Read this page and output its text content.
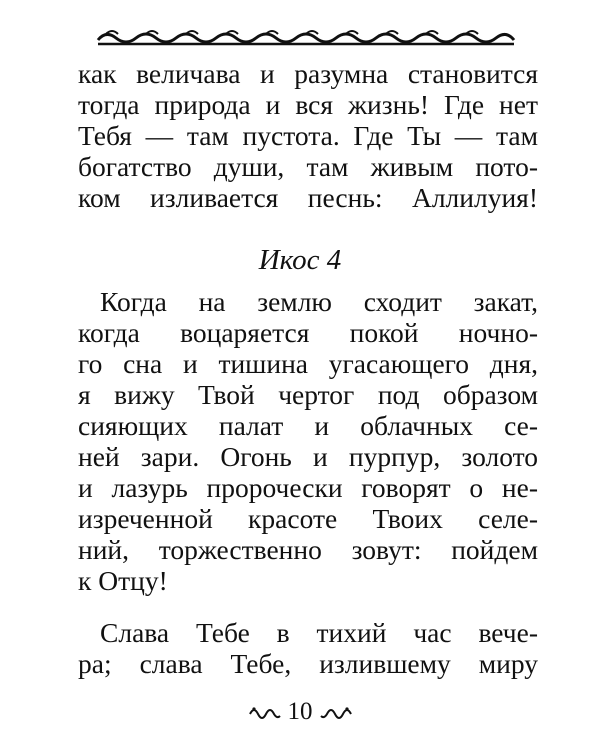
как величава и разумна становится
тогда природа и вся жизнь! Где нет
Тебя — там пустота. Где Ты — там
богатство души, там живым пото-
ком изливается песнь: Аллилуия!
Икос 4
Когда на землю сходит закат,
когда воцаряется покой ночно-
го сна и тишина угасающего дня,
я вижу Твой чертог под образом
сияющих палат и облачных се-
ней зари. Огонь и пурпур, золото
и лазурь пророчески говорят о не-
изреченной красоте Твоих селе-
ний, торжественно зовут: пойдем
к Отцу!
Слава Тебе в тихий час вече-
ра; слава Тебе, излившему миру
10
